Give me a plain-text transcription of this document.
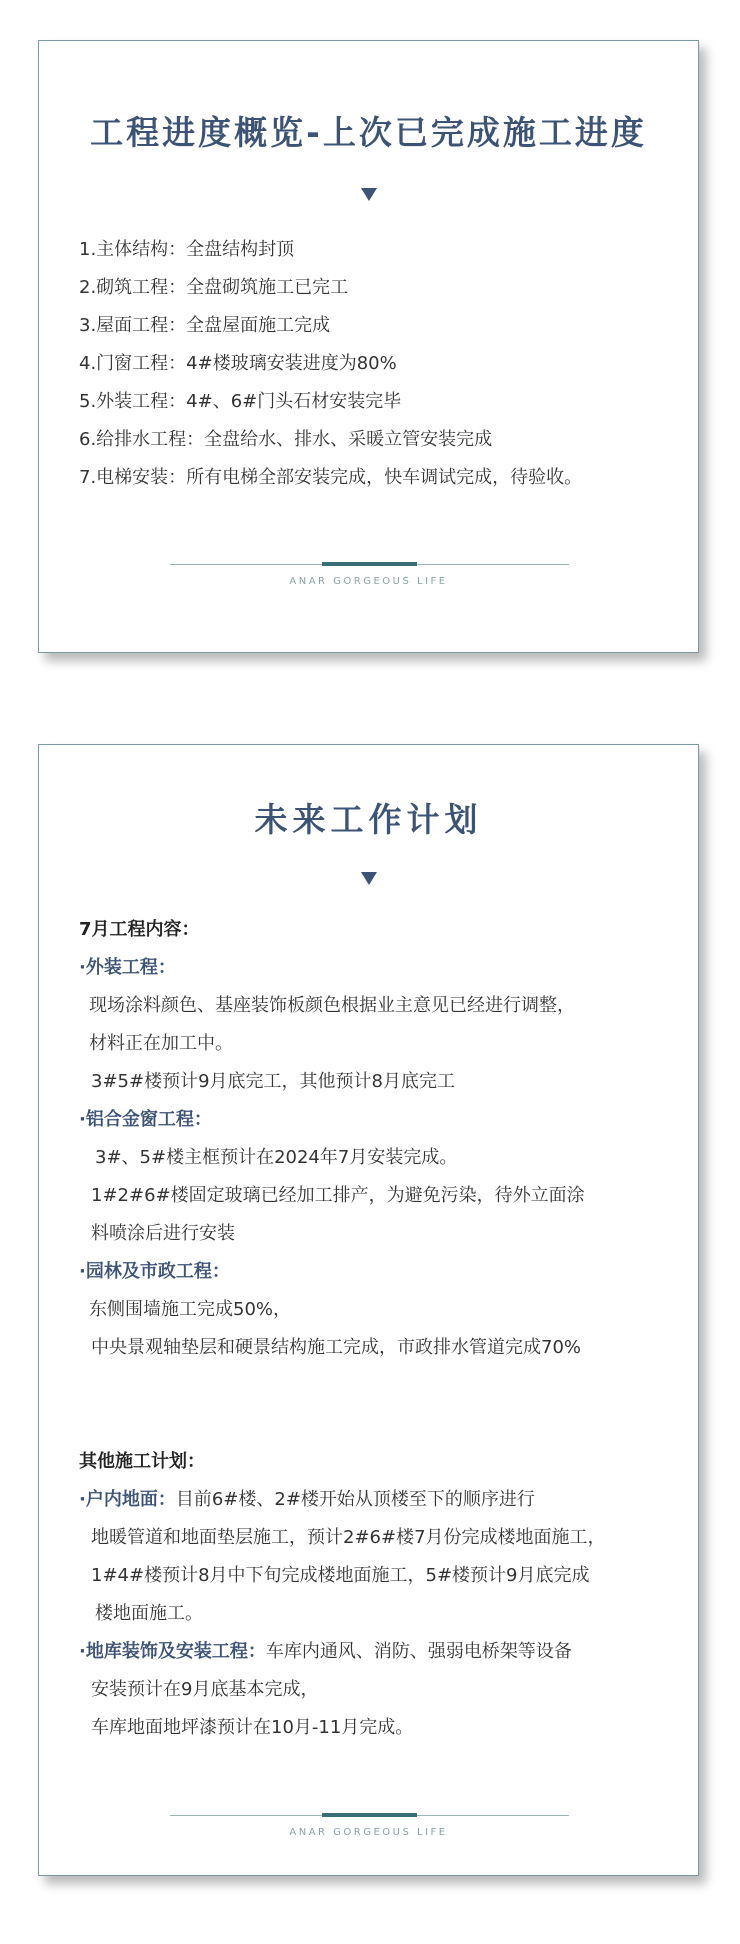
工程进度概览-上次已完成施工进度
1.主体结构：全盘结构封顶
2.砌筑工程：全盘砌筑施工已完工
3.屋面工程：全盘屋面施工完成
4.门窗工程：4#楼玻璃安装进度为80%
5.外装工程：4#、6#门头石材安装完毕
6.给排水工程：全盘给水、排水、采暖立管安装完成
7.电梯安装：所有电梯全部安装完成，快车调试完成，待验收。
ANAR GORGEOUS LIFE
未来工作计划
7月工程内容：
·外装工程：
现场涂料颜色、基座装饰板颜色根据业主意见已经进行调整，
材料正在加工中。
3#5#楼预计9月底完工，其他预计8月底完工
·铝合金窗工程：
3#、5#楼主框预计在2024年7月安装完成。
1#2#6#楼固定玻璃已经加工排产，为避免污染，待外立面涂
料喷涂后进行安装
·园林及市政工程：
东侧围墙施工完成50%，
中央景观轴垫层和硬景结构施工完成，市政排水管道完成70%
其他施工计划：
·户内地面：目前6#楼、2#楼开始从顶楼至下的顺序进行
地暖管道和地面垫层施工，预计2#6#楼7月份完成楼地面施工，
1#4#楼预计8月中下旬完成楼地面施工，5#楼预计9月底完成
楼地面施工。
·地库装饰及安装工程：车库内通风、消防、强弱电桥架等设备
安装预计在9月底基本完成，
车库地面地坪漆预计在10月-11月完成。
ANAR GORGEOUS LIFE
